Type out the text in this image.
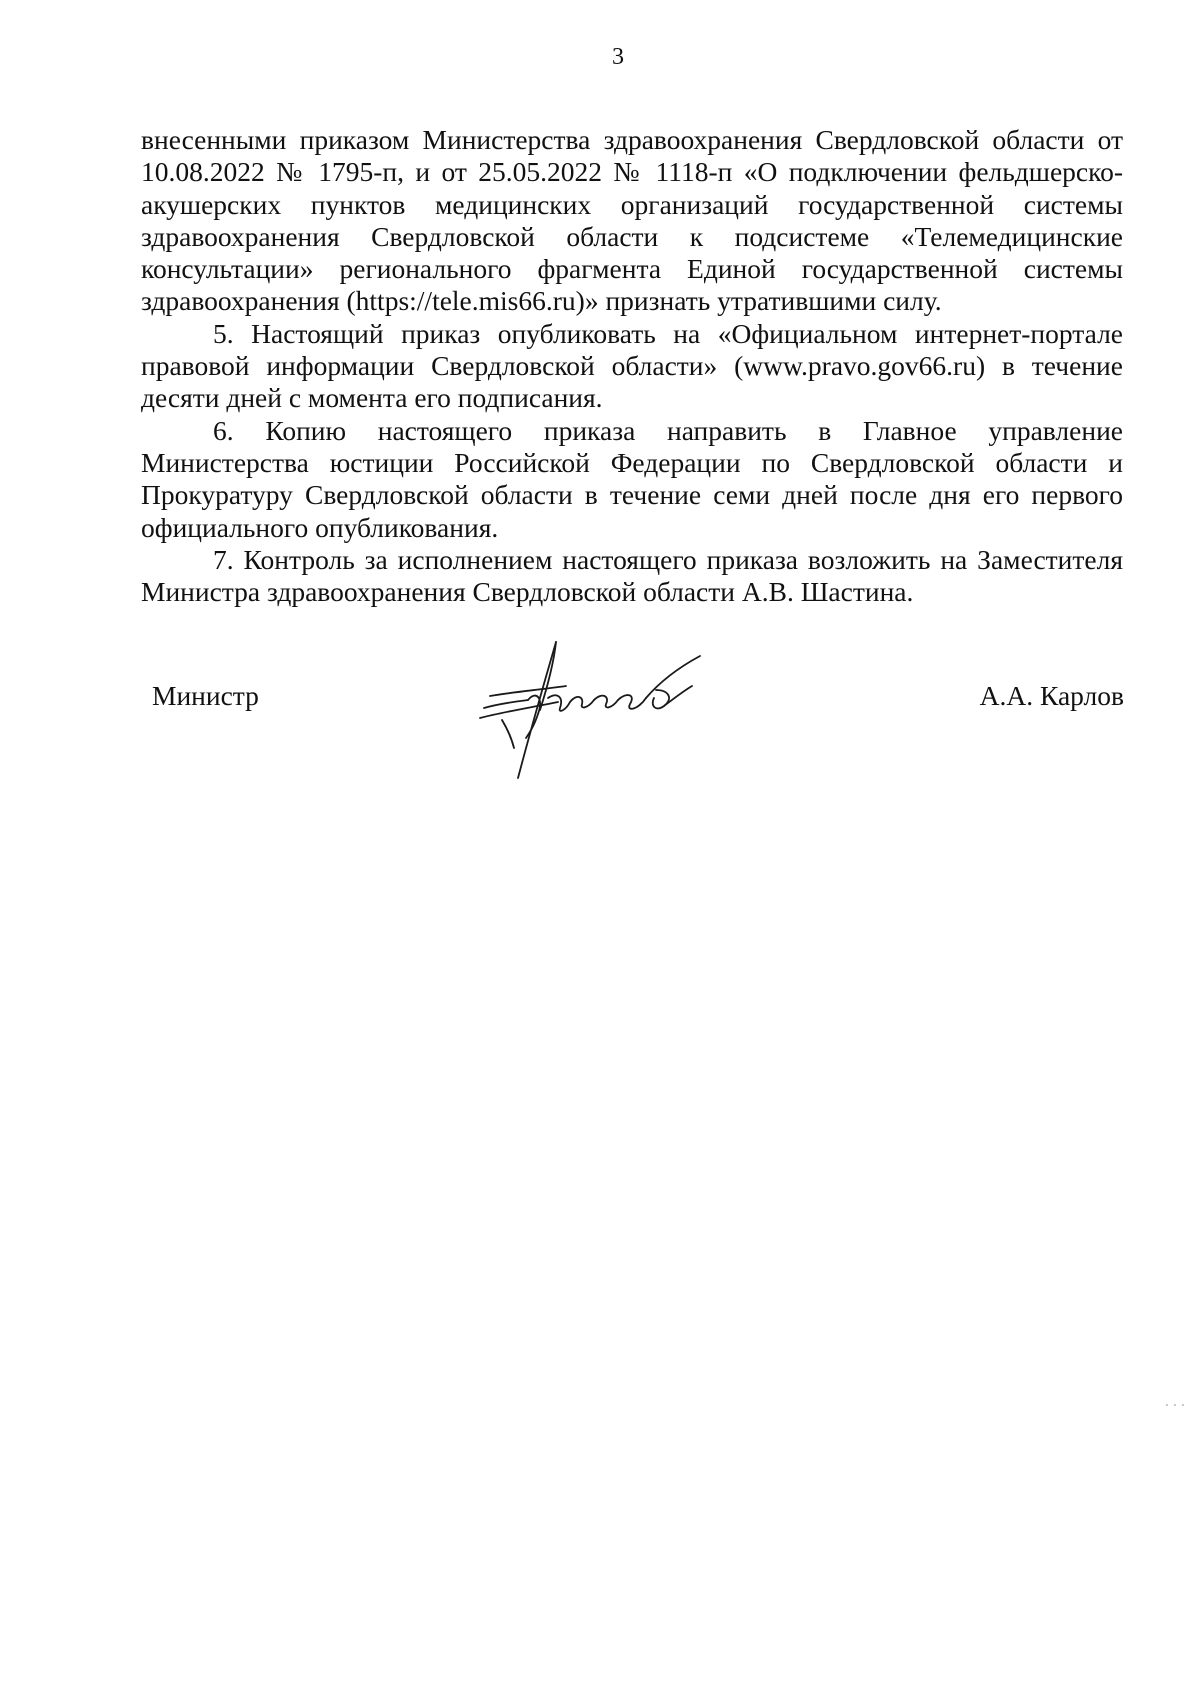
3

внесенными приказом Министерства здравоохранения Свердловской области от 10.08.2022 № 1795-п, и от 25.05.2022 № 1118-п «О подключении фельдшерско-акушерских пунктов медицинских организаций государственной системы здравоохранения Свердловской области к подсистеме «Телемедицинские консультации» регионального фрагмента Единой государственной системы здравоохранения (https://tele.mis66.ru)» признать утратившими силу.

5. Настоящий приказ опубликовать на «Официальном интернет-портале правовой информации Свердловской области» (www.pravo.gov66.ru) в течение десяти дней с момента его подписания.

6. Копию настоящего приказа направить в Главное управление Министерства юстиции Российской Федерации по Свердловской области и Прокуратуру Свердловской области в течение семи дней после дня его первого официального опубликования.

7. Контроль за исполнением настоящего приказа возложить на Заместителя Министра здравоохранения Свердловской области А.В. Шастина.

Министр	А.А. Карлов
